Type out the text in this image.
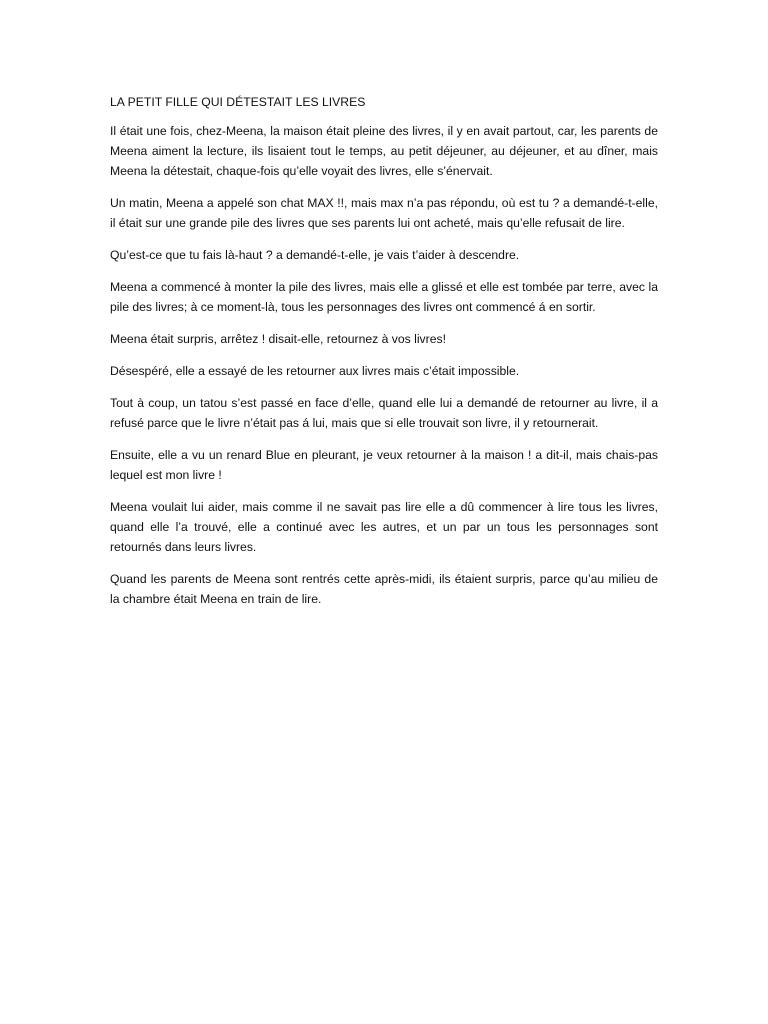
LA PETIT FILLE QUI DÉTESTAIT LES LIVRES

Il était une fois, chez-Meena, la maison était pleine des livres, il y en avait partout, car, les parents de Meena aiment la lecture, ils lisaient tout le temps, au petit déjeuner, au déjeuner, et au dîner, mais Meena la détestait, chaque-fois qu’elle voyait des livres, elle s’énervait.

Un matin, Meena a appelé son chat MAX !!, mais max n’a pas répondu, où est tu ? a demandé-t-elle, il était sur une grande pile des livres que ses parents lui ont acheté, mais qu’elle refusait de lire.

Qu’est-ce que tu fais là-haut ? a demandé-t-elle, je vais t’aider à descendre.

Meena a commencé à monter la pile des livres, mais elle a glissé et elle est tombée par terre, avec la pile des livres; à ce moment-là, tous les personnages des livres ont commencé á en sortir.

Meena était surpris, arrêtez ! disait-elle, retournez à vos livres!

Désespéré, elle a essayé de les retourner aux livres mais c’était impossible.

Tout à coup, un tatou s’est passé en face d’elle, quand elle lui a demandé de retourner au livre, il a refusé parce que le livre n’était pas á lui, mais que si elle trouvait son livre, il y retournerait.

Ensuite, elle a vu un renard Blue en pleurant, je veux retourner à la maison ! a dit-il, mais chais-pas lequel est mon livre !

Meena voulait lui aider, mais comme il ne savait pas lire elle a dû commencer à lire tous les livres, quand elle l’a trouvé, elle a continué avec les autres, et un par un tous les personnages sont retournés dans leurs livres.

Quand les parents de Meena sont rentrés cette après-midi, ils étaient surpris, parce qu’au milieu de la chambre était Meena en train de lire.
